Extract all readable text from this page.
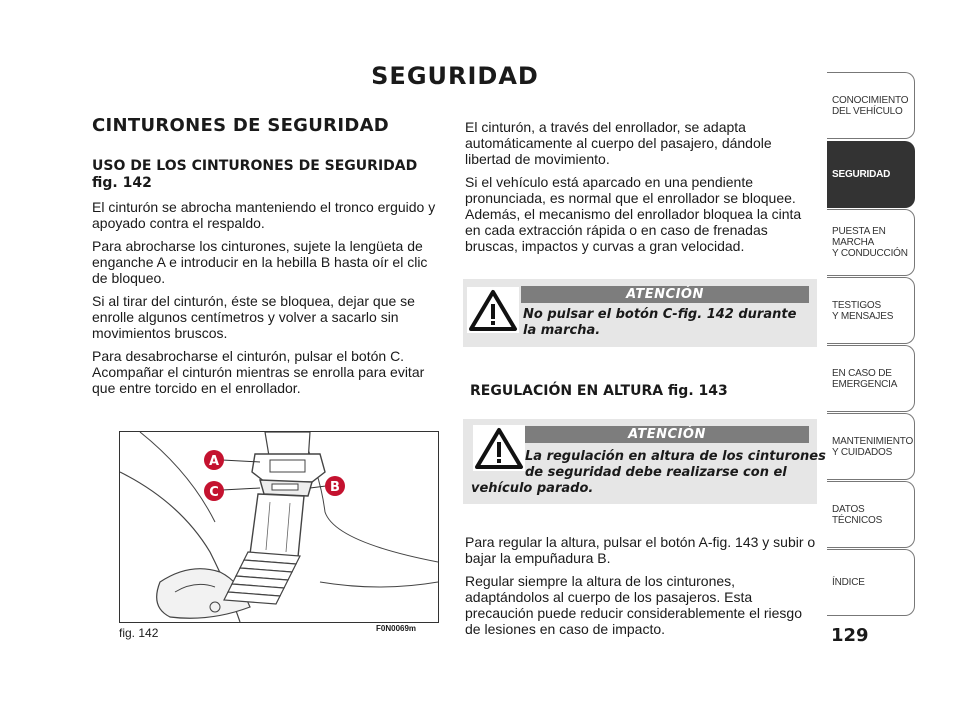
SEGURIDAD
CINTURONES DE SEGURIDAD
USO DE LOS CINTURONES DE SEGURIDAD fig. 142

El cinturón se abrocha manteniendo el tronco erguido y apoyado contra el respaldo.

Para abrocharse los cinturones, sujete la lengüeta de enganche A e introducir en la hebilla B hasta oír el clic de bloqueo.

Si al tirar del cinturón, éste se bloquea, dejar que se enrolle algunos centímetros y volver a sacarlo sin movimientos bruscos.

Para desabrocharse el cinturón, pulsar el botón C. Acompañar el cinturón mientras se enrolla para evitar que entre torcido en el enrollador.

A
C	B
fig. 142	F0N0069m

El cinturón, a través del enrollador, se adapta automáticamente al cuerpo del pasajero, dándole libertad de movimiento.

Si el vehículo está aparcado en una pendiente pronunciada, es normal que el enrollador se bloquee. Además, el mecanismo del enrollador bloquea la cinta en cada extracción rápida o en caso de frenadas bruscas, impactos y curvas a gran velocidad.

ATENCIÓN
No pulsar el botón C-fig. 142 durante la marcha.
REGULACIÓN EN ALTURA fig. 143
ATENCIÓN
La regulación en altura de los cinturones
de seguridad debe realizarse con el
vehículo parado.

Para regular la altura, pulsar el botón A-fig. 143 y subir o bajar la empuñadura B.

Regular siempre la altura de los cinturones, adaptándolos al cuerpo de los pasajeros. Esta precaución puede reducir considerablemente el riesgo de lesiones en caso de impacto.

CONOCIMIENTO
DEL VEHÍCULO
SEGURIDAD
PUESTA EN
MARCHA
Y CONDUCCIÓN
TESTIGOS
Y MENSAJES
EN CASO DE
EMERGENCIA
MANTENIMIENTO
Y CUIDADOS
DATOS
TÉCNICOS
ÍNDICE
129
